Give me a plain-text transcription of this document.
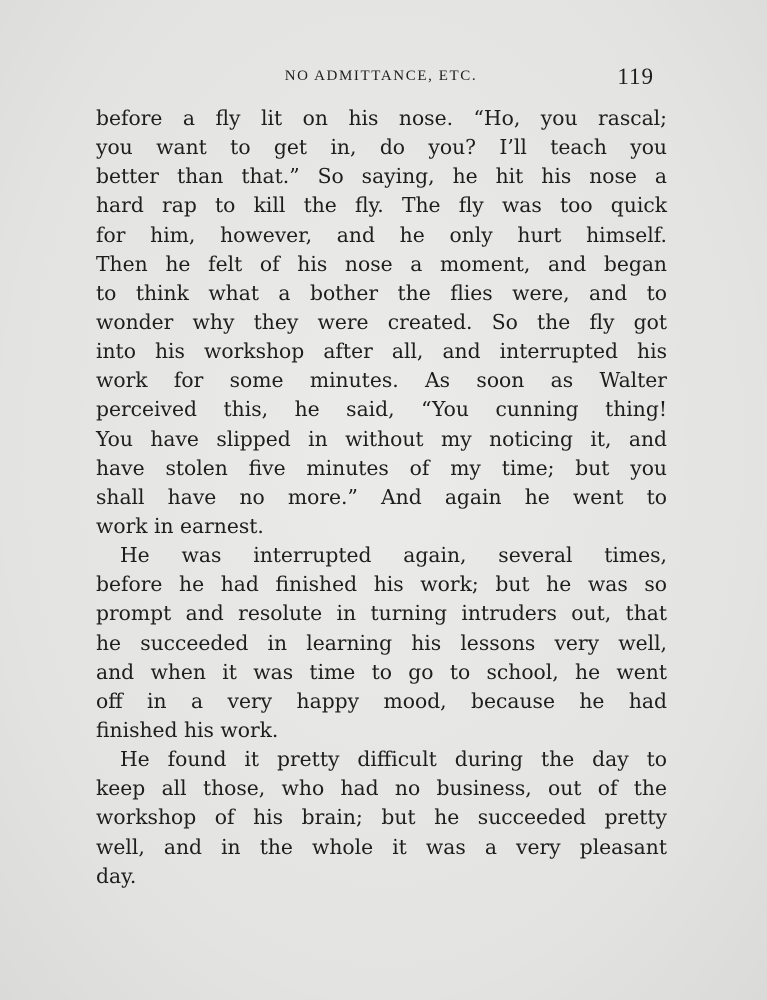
NO ADMITTANCE, ETC.	119
before a fly lit on his nose. “Ho, you rascal;
you want to get in, do you? I’ll teach you
better than that.” So saying, he hit his nose a
hard rap to kill the fly. The fly was too quick
for him, however, and he only hurt himself.
Then he felt of his nose a moment, and began
to think what a bother the flies were, and to
wonder why they were created. So the fly got
into his workshop after all, and interrupted his
work for some minutes. As soon as Walter
perceived this, he said, “You cunning thing!
You have slipped in without my noticing it, and
have stolen five minutes of my time; but you
shall have no more.” And again he went to
work in earnest.
He was interrupted again, several times,
before he had finished his work; but he was so
prompt and resolute in turning intruders out, that
he succeeded in learning his lessons very well,
and when it was time to go to school, he went
off in a very happy mood, because he had
finished his work.
He found it pretty difficult during the day to
keep all those, who had no business, out of the
workshop of his brain; but he succeeded pretty
well, and in the whole it was a very pleasant
day.
